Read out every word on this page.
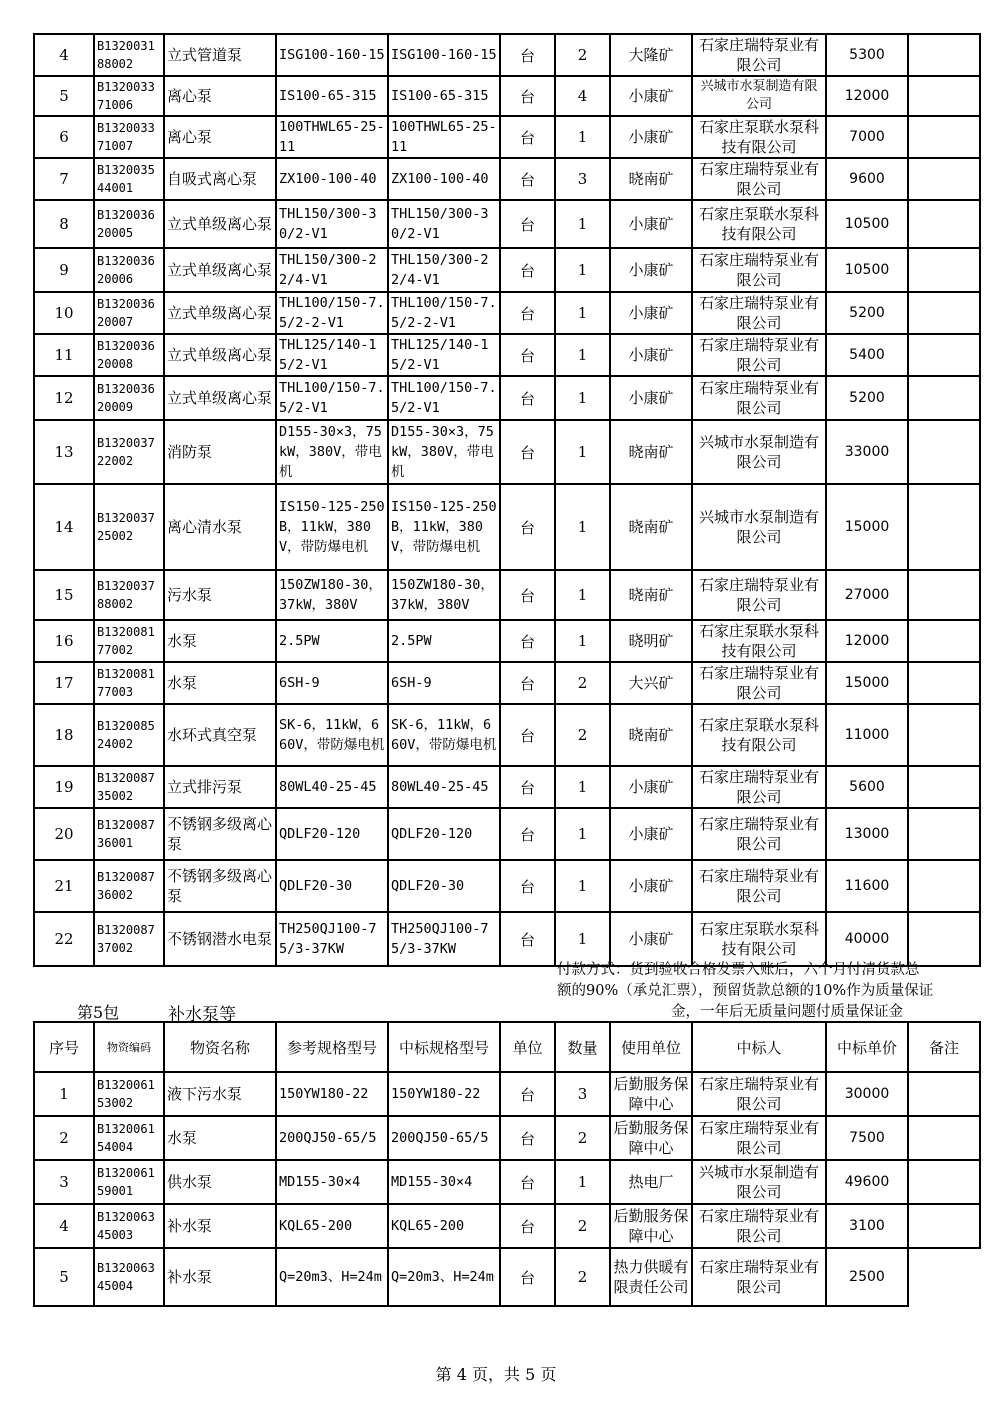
4	B132003188002	立式管道泵	ISG100-160-15	ISG100-160-15	台	2	大隆矿	石家庄瑞特泵业有限公司	5300	
5	B132003371006	离心泵	IS100-65-315	IS100-65-315	台	4	小康矿	兴城市水泵制造有限公司	12000	
6	B132003371007	离心泵	100THWL65-25-11	100THWL65-25-11	台	1	小康矿	石家庄泵联水泵科技有限公司	7000	
7	B132003544001	自吸式离心泵	ZX100-100-40	ZX100-100-40	台	3	晓南矿	石家庄瑞特泵业有限公司	9600	
8	B132003620005	立式单级离心泵	THL150/300-30/2-V1	THL150/300-30/2-V1	台	1	小康矿	石家庄泵联水泵科技有限公司	10500	
9	B132003620006	立式单级离心泵	THL150/300-22/4-V1	THL150/300-22/4-V1	台	1	小康矿	石家庄瑞特泵业有限公司	10500	
10	B132003620007	立式单级离心泵	THL100/150-7.5/2-2-V1	THL100/150-7.5/2-2-V1	台	1	小康矿	石家庄瑞特泵业有限公司	5200	
11	B132003620008	立式单级离心泵	THL125/140-15/2-V1	THL125/140-15/2-V1	台	1	小康矿	石家庄瑞特泵业有限公司	5400	
12	B132003620009	立式单级离心泵	THL100/150-7.5/2-V1	THL100/150-7.5/2-V1	台	1	小康矿	石家庄瑞特泵业有限公司	5200	
13	B132003722002	消防泵	D155-30×3，75kW，380V，带电机	D155-30×3，75kW，380V，带电机	台	1	晓南矿	兴城市水泵制造有限公司	33000	
14	B132003725002	离心清水泵	IS150-125-250B，11kW，380V，带防爆电机	IS150-125-250B，11kW，380V，带防爆电机	台	1	晓南矿	兴城市水泵制造有限公司	15000	
15	B132003788002	污水泵	150ZW180-30，37kW，380V	150ZW180-30，37kW，380V	台	1	晓南矿	石家庄瑞特泵业有限公司	27000	
16	B132008177002	水泵	2.5PW	2.5PW	台	1	晓明矿	石家庄泵联水泵科技有限公司	12000	
17	B132008177003	水泵	6SH-9	6SH-9	台	2	大兴矿	石家庄瑞特泵业有限公司	15000	
18	B132008524002	水环式真空泵	SK-6，11kW，660V，带防爆电机	SK-6，11kW，660V，带防爆电机	台	2	晓南矿	石家庄泵联水泵科技有限公司	11000	
19	B132008735002	立式排污泵	80WL40-25-45	80WL40-25-45	台	1	小康矿	石家庄瑞特泵业有限公司	5600	
20	B132008736001	不锈钢多级离心泵	QDLF20-120	QDLF20-120	台	1	小康矿	石家庄瑞特泵业有限公司	13000	
21	B132008736002	不锈钢多级离心泵	QDLF20-30	QDLF20-30	台	1	小康矿	石家庄瑞特泵业有限公司	11600	
22	B132008737002	不锈钢潜水电泵	TH250QJ100-75/3-37KW	TH250QJ100-75/3-37KW	台	1	小康矿	石家庄泵联水泵科技有限公司	40000	
付款方式：货到验收合格发票入账后，六个月付清货款总
额的90%（承兑汇票），预留货款总额的10%作为质量保证
金，一年后无质量问题付质量保证金
第5包	补水泵等
序号	物资编码	物资名称	参考规格型号	中标规格型号	单位	数量	使用单位	中标人	中标单价	备注
1	B132006153002	液下污水泵	150YW180-22	150YW180-22	台	3	后勤服务保障中心	石家庄瑞特泵业有限公司	30000	
2	B132006154004	水泵	200QJ50-65/5	200QJ50-65/5	台	2	后勤服务保障中心	石家庄瑞特泵业有限公司	7500	
3	B132006159001	供水泵	MD155-30×4	MD155-30×4	台	1	热电厂	兴城市水泵制造有限公司	49600	
4	B132006345003	补水泵	KQL65-200	KQL65-200	台	2	后勤服务保障中心	石家庄瑞特泵业有限公司	3100	
5	B132006345004	补水泵	Q=20m3、H=24m	Q=20m3、H=24m	台	2	热力供暖有限责任公司	石家庄瑞特泵业有限公司	2500	
第 4 页，共 5 页
